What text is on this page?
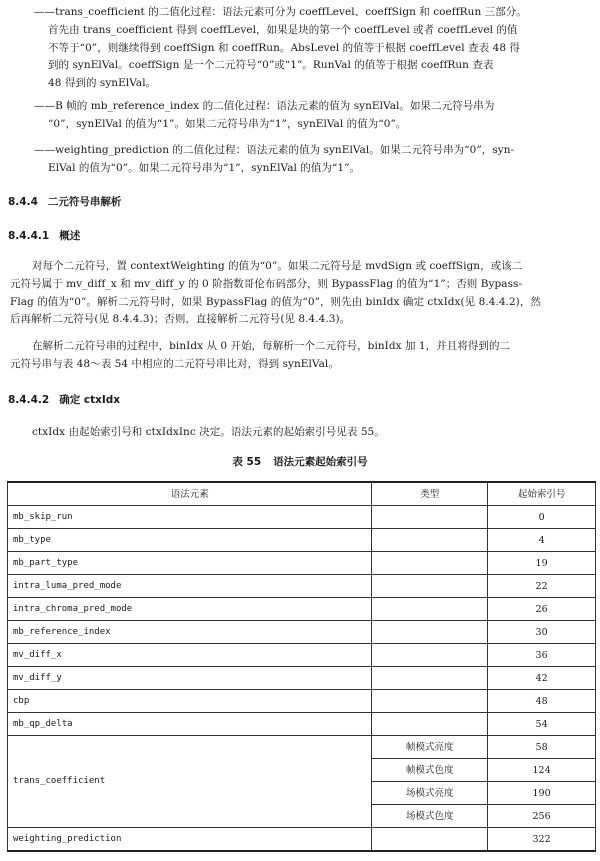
——trans_coefficient 的二值化过程：语法元素可分为 coeffLevel、coeffSign 和 coeffRun 三部分。
首先由 trans_coefficient 得到 coeffLevel，如果是块的第一个 coeffLevel 或者 coeffLevel 的值
不等于“0”，则继续得到 coeffSign 和 coeffRun。AbsLevel 的值等于根据 coeffLevel 查表 48 得
到的 synElVal。coeffSign 是一个二元符号“0”或“1”。RunVal 的值等于根据 coeffRun 查表
48 得到的 synElVal。
——B 帧的 mb_reference_index 的二值化过程：语法元素的值为 synElVal。如果二元符号串为
“0”，synElVal 的值为“1”。如果二元符号串为“1”，synElVal 的值为“0”。
——weighting_prediction 的二值化过程：语法元素的值为 synElVal。如果二元符号串为“0”，syn-
ElVal 的值为“0”。如果二元符号串为“1”，synElVal 的值为“1”。
8.4.4 二元符号串解析
8.4.4.1 概述
对每个二元符号，置 contextWeighting 的值为“0”。如果二元符号是 mvdSign 或 coeffSign，或该二
元符号属于 mv_diff_x 和 mv_diff_y 的 0 阶指数哥伦布码部分，则 BypassFlag 的值为“1”；否则 Bypass-
Flag 的值为“0”。解析二元符号时，如果 BypassFlag 的值为“0”，则先由 binIdx 确定 ctxIdx(见 8.4.4.2)，然
后再解析二元符号(见 8.4.4.3)；否则，直接解析二元符号(见 8.4.4.3)。
在解析二元符号串的过程中，binIdx 从 0 开始，每解析一个二元符号，binIdx 加 1，并且将得到的二
元符号串与表 48～表 54 中相应的二元符号串比对，得到 synElVal。
8.4.4.2 确定 ctxIdx
ctxIdx 由起始索引号和 ctxIdxInc 决定。语法元素的起始索引号见表 55。
表 55 语法元素起始索引号
语法元素	类型	起始索引号
mb_skip_run		0
mb_type		4
mb_part_type		19
intra_luma_pred_mode		22
intra_chroma_pred_mode		26
mb_reference_index		30
mv_diff_x		36
mv_diff_y		42
cbp		48
mb_qp_delta		54
trans_coefficient	帧模式亮度	58
	帧模式色度	124
	场模式亮度	190
	场模式色度	256
weighting_prediction		322
